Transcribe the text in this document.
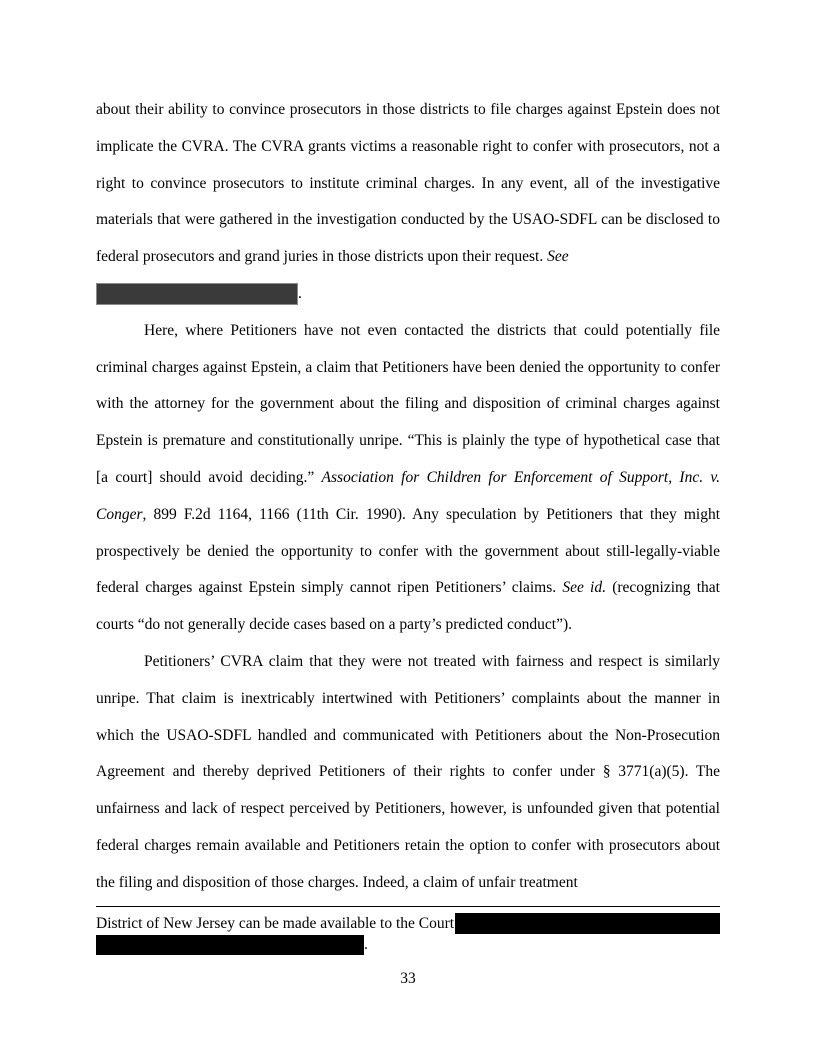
about their ability to convince prosecutors in those districts to file charges against Epstein does not implicate the CVRA. The CVRA grants victims a reasonable right to confer with prosecutors, not a right to convince prosecutors to institute criminal charges. In any event, all of the investigative materials that were gathered in the investigation conducted by the USAO-SDFL can be disclosed to federal prosecutors and grand juries in those districts upon their request. See
.

Here, where Petitioners have not even contacted the districts that could potentially file criminal charges against Epstein, a claim that Petitioners have been denied the opportunity to confer with the attorney for the government about the filing and disposition of criminal charges against Epstein is premature and constitutionally unripe. “This is plainly the type of hypothetical case that [a court] should avoid deciding.” Association for Children for Enforcement of Support, Inc. v. Conger, 899 F.2d 1164, 1166 (11th Cir. 1990). Any speculation by Petitioners that they might prospectively be denied the opportunity to confer with the government about still-legally-viable federal charges against Epstein simply cannot ripen Petitioners’ claims. See id. (recognizing that courts “do not generally decide cases based on a party’s predicted conduct”).

Petitioners’ CVRA claim that they were not treated with fairness and respect is similarly unripe. That claim is inextricably intertwined with Petitioners’ complaints about the manner in which the USAO-SDFL handled and communicated with Petitioners about the Non-Prosecution Agreement and thereby deprived Petitioners of their rights to confer under § 3771(a)(5). The unfairness and lack of respect perceived by Petitioners, however, is unfounded given that potential federal charges remain available and Petitioners retain the option to confer with prosecutors about the filing and disposition of those charges. Indeed, a claim of unfair treatment

District of New Jersey can be made available to the Court
.
33
